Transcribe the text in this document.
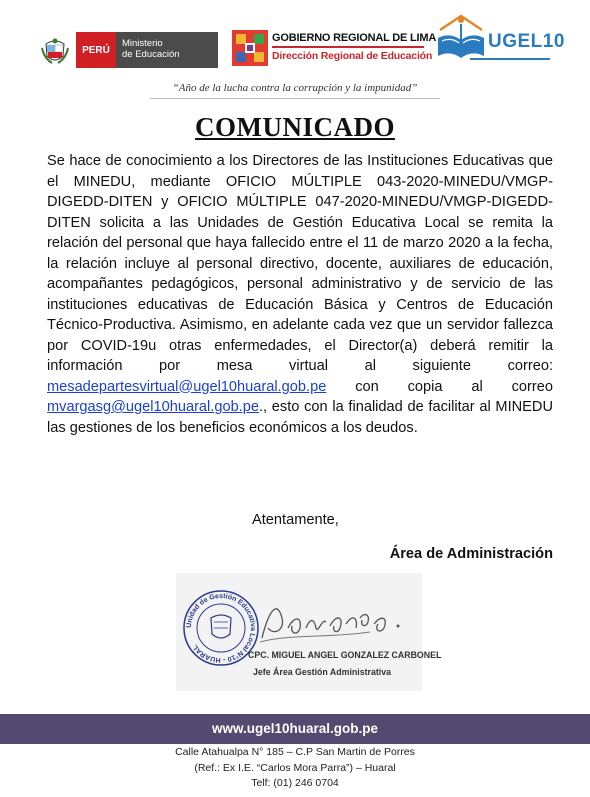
PERÚ
Ministerio
de Educación
GOBIERNO REGIONAL DE LIMA
Dirección Regional de Educación
UGEL10
“Año de la lucha contra la corrupción y la impunidad”
COMUNICADO
Se hace de conocimiento a los Directores de las Instituciones Educativas que el MINEDU, mediante OFICIO MÚLTIPLE 043-2020-MINEDU/VMGP-DIGEDD-DITEN y OFICIO MÚLTIPLE 047-2020-MINEDU/VMGP-DIGEDD-DITEN solicita a las Unidades de Gestión Educativa Local se remita la relación del personal que haya fallecido entre el 11 de marzo 2020 a la fecha, la relación incluye al personal directivo, docente, auxiliares de educación, acompañantes pedagógicos, personal administrativo y de servicio de las instituciones educativas de Educación Básica y Centros de Educación Técnico-Productiva. Asimismo, en adelante cada vez que un servidor fallezca por COVID-19u otras enfermedades, el Director(a) deberá remitir la información por mesa virtual al siguiente correo: mesadepartesvirtual@ugel10huaral.gob.pe con copia al correo mvargasg@ugel10huaral.gob.pe., esto con la finalidad de facilitar al MINEDU las gestiones de los beneficios económicos a los deudos.
Atentamente,
Área de Administración
Unidad de Gestión Educativa Local N°10 - HUARAL
CPC. MIGUEL ANGEL GONZALEZ CARBONEL
Jefe Área Gestión Administrativa
www.ugel10huaral.gob.pe
Calle Atahualpa N° 185 – C.P San Martin de Porres
(Ref.: Ex I.E. “Carlos Mora Parra”) – Huaral
Telf: (01) 246 0704
